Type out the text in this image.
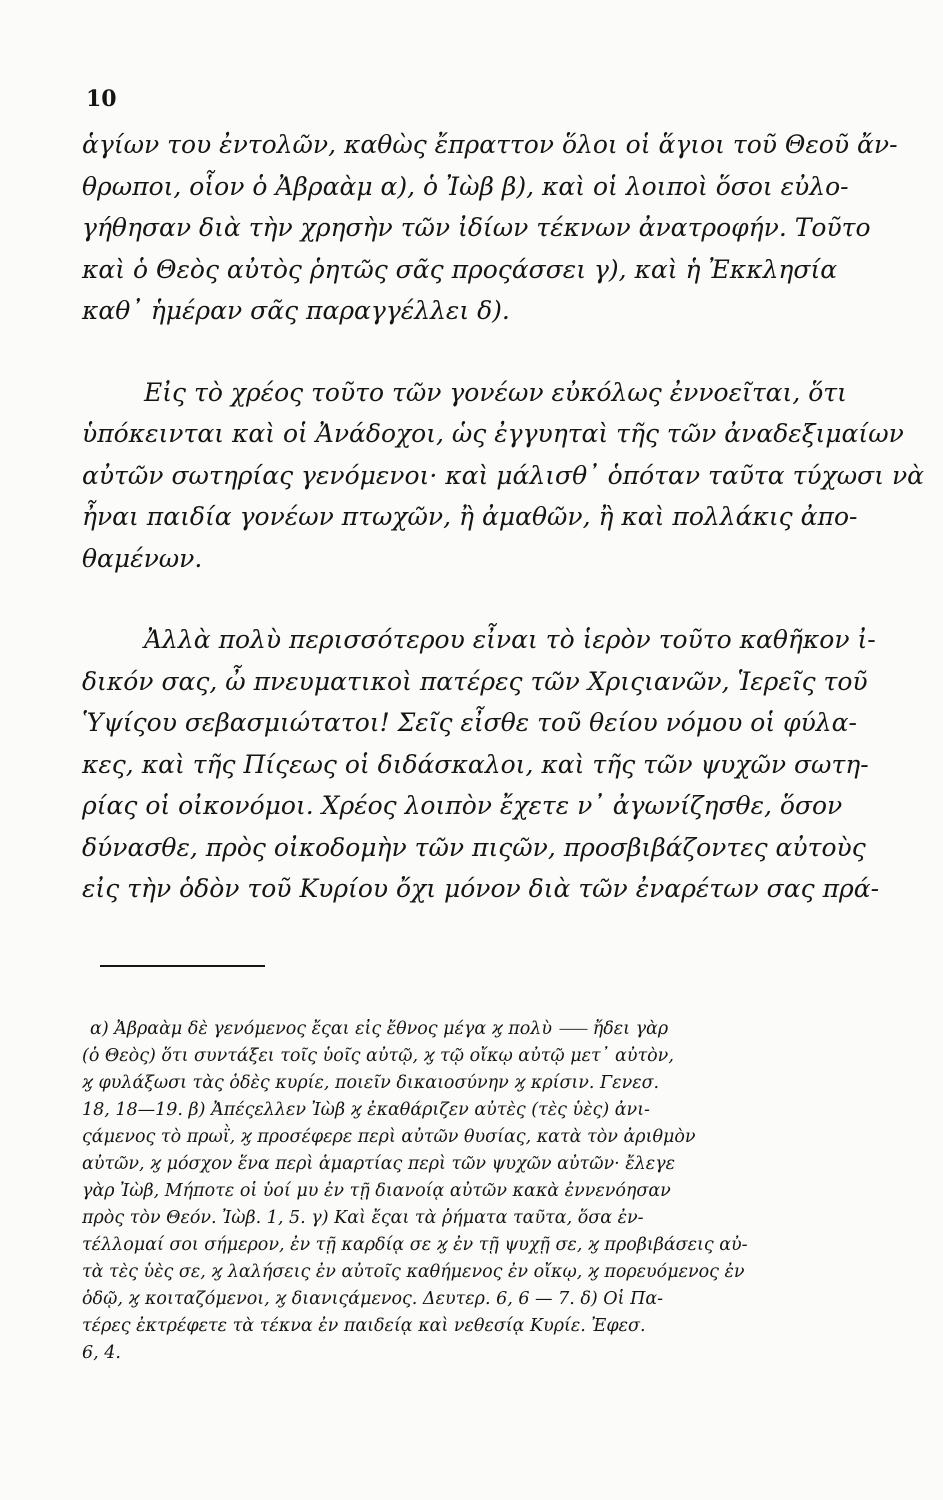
10

ἁγίων του ἐντολῶν, καθὼς ἔπραττον ὅλοι οἱ ἅγιοι τοῦ Θεοῦ ἄν-
θρωποι, οἷον ὁ Ἀβραὰμ α), ὁ Ἰὼβ β), καὶ οἱ λοιποὶ ὅσοι εὐλο-
γήθησαν διὰ τὴν χρησὴν τῶν ἰδίων τέκνων ἀνατροφήν. Τοῦτο
καὶ ὁ Θεὸς αὐτὸς ῥητῶς σᾶς προςάσσει γ), καὶ ἡ Ἐκκλησία
καθ᾽ ἡμέραν σᾶς παραγγέλλει δ).

Εἰς τὸ χρέος τοῦτο τῶν γονέων εὐκόλως ἐννοεῖται, ὅτι
ὑπόκεινται καὶ οἱ Ἀνάδοχοι, ὡς ἐγγυηταὶ τῆς τῶν ἀναδεξιμαίων
αὐτῶν σωτηρίας γενόμενοι· καὶ μάλισθ᾽ ὁπόταν ταῦτα τύχωσι νὰ
ἦναι παιδία γονέων πτωχῶν, ἢ ἀμαθῶν, ἢ καὶ πολλάκις ἀπο-
θαμένων.

Ἀλλὰ πολὺ περισσότερου εἶναι τὸ ἱερὸν τοῦτο καθῆκον ἰ-
δικόν σας, ὦ πνευματικοὶ πατέρες τῶν Χριςιανῶν, Ἱερεῖς τοῦ
Ὑψίςου σεβασμιώτατοι! Σεῖς εἶσθε τοῦ θείου νόμου οἱ φύλα-
κες, καὶ τῆς Πίςεως οἱ διδάσκαλοι, καὶ τῆς τῶν ψυχῶν σωτη-
ρίας οἱ οἰκονόμοι. Χρέος λοιπὸν ἔχετε ν᾽ ἀγωνίζησθε, ὅσον
δύνασθε, πρὸς οἰκοδομὴν τῶν πιςῶν, προσβιβάζοντες αὐτοὺς
εἰς τὴν ὁδὸν τοῦ Κυρίου ὄχι μόνον διὰ τῶν ἐναρέτων σας πρά-

α) Ἀβραὰμ δὲ γενόμενος ἔςαι εἰς ἔθνος μέγα ϗ πολὺ ⸺ ἤδει γὰρ
(ὁ Θεὸς) ὅτι συντάξει τοῖς ὑοῖς αὐτῷ, ϗ τῷ οἴκῳ αὐτῷ μετ᾽ αὐτὸν,
ϗ φυλάξωσι τὰς ὁδὲς κυρίε, ποιεῖν δικαιοσύνην ϗ κρίσιν. Γενεσ.
18, 18—19. β) Ἀπέςελλεν Ἰὼβ ϗ ἐκαθάριζεν αὐτὲς (τὲς ὑὲς) ἀνι-
ςάμενος τὸ πρωῒ, ϗ προσέφερε περὶ αὐτῶν θυσίας, κατὰ τὸν ἀριθμὸν
αὐτῶν, ϗ μόσχον ἕνα περὶ ἁμαρτίας περὶ τῶν ψυχῶν αὐτῶν· ἔλεγε
γὰρ Ἰὼβ, Μήποτε οἱ ὑοί μυ ἐν τῇ διανοίᾳ αὐτῶν κακὰ ἐννενόησαν
πρὸς τὸν Θεόν. Ἰὼβ. 1, 5. γ) Καὶ ἔςαι τὰ ῥήματα ταῦτα, ὅσα ἐν-
τέλλομαί σοι σήμερον, ἐν τῇ καρδίᾳ σε ϗ ἐν τῇ ψυχῇ σε, ϗ προβιβάσεις αὐ-
τὰ τὲς ὑὲς σε, ϗ λαλήσεις ἐν αὐτοῖς καθήμενος ἐν οἴκῳ, ϗ πορευόμενος ἐν
ὁδῷ, ϗ κοιταζόμενοι, ϗ διανιςάμενος. Δευτερ. 6, 6 — 7. δ) Οἱ Πα-
τέρες ἐκτρέφετε τὰ τέκνα ἐν παιδείᾳ καὶ νεθεσίᾳ Κυρίε. Ἐφεσ.
6, 4.
